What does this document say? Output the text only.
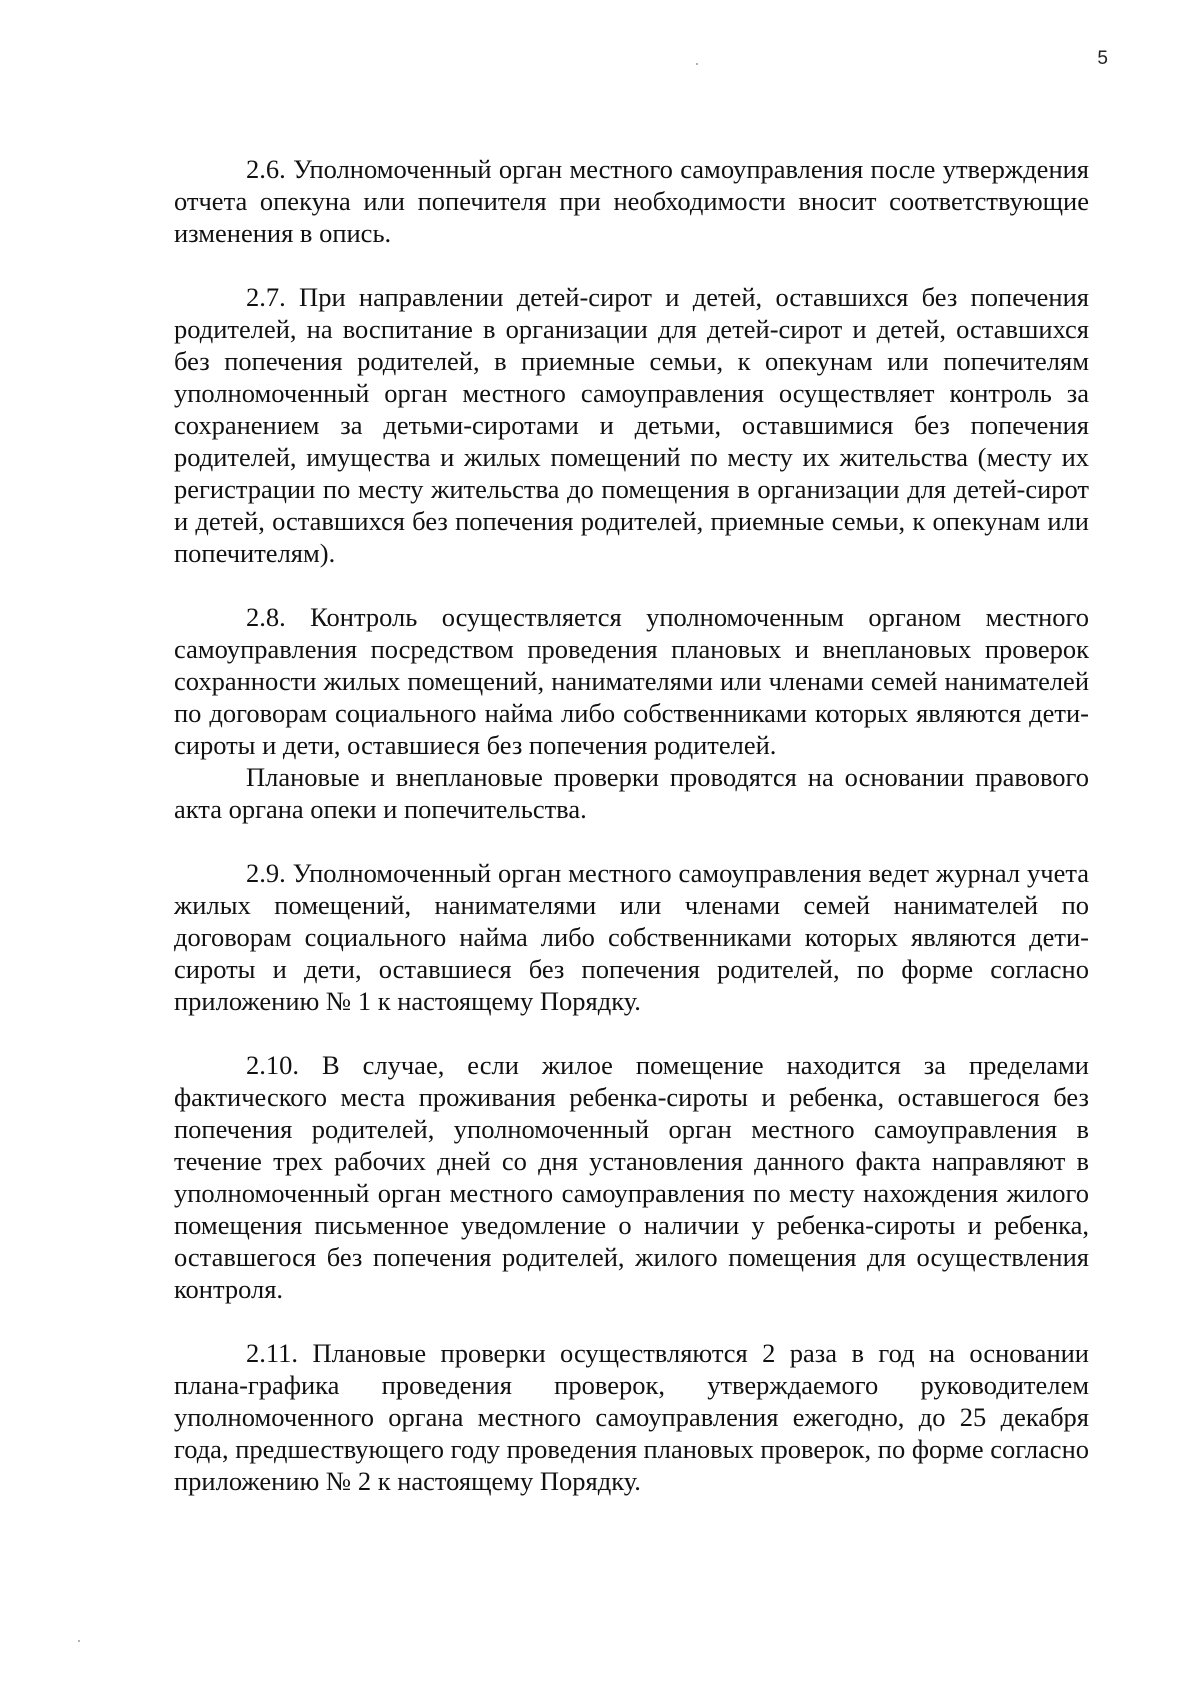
5

2.6. Уполномоченный орган местного самоуправления после утверждения отчета опекуна или попечителя при необходимости вносит соответствующие изменения в опись.

2.7. При направлении детей-сирот и детей, оставшихся без попечения родителей, на воспитание в организации для детей-сирот и детей, оставшихся без попечения родителей, в приемные семьи, к опекунам или попечителям уполномоченный орган местного самоуправления осуществляет контроль за сохранением за детьми-сиротами и детьми, оставшимися без попечения родителей, имущества и жилых помещений по месту их жительства (месту их регистрации по месту жительства до помещения в организации для детей-сирот и детей, оставшихся без попечения родителей, приемные семьи, к опекунам или попечителям).

2.8. Контроль осуществляется уполномоченным органом местного самоуправления посредством проведения плановых и внеплановых проверок сохранности жилых помещений, нанимателями или членами семей нанимателей по договорам социального найма либо собственниками которых являются дети-сироты и дети, оставшиеся без попечения родителей.

Плановые и внеплановые проверки проводятся на основании правового акта органа опеки и попечительства.

2.9. Уполномоченный орган местного самоуправления ведет журнал учета жилых помещений, нанимателями или членами семей нанимателей по договорам социального найма либо собственниками которых являются дети-сироты и дети, оставшиеся без попечения родителей, по форме согласно приложению № 1 к настоящему Порядку.

2.10. В случае, если жилое помещение находится за пределами фактического места проживания ребенка-сироты и ребенка, оставшегося без попечения родителей, уполномоченный орган местного самоуправления в течение трех рабочих дней со дня установления данного факта направляют в уполномоченный орган местного самоуправления по месту нахождения жилого помещения письменное уведомление о наличии у ребенка-сироты и ребенка, оставшегося без попечения родителей, жилого помещения для осуществления контроля.

2.11. Плановые проверки осуществляются 2 раза в год на основании плана-графика проведения проверок, утверждаемого руководителем уполномоченного органа местного самоуправления ежегодно, до 25 декабря года, предшествующего году проведения плановых проверок, по форме согласно приложению № 2 к настоящему Порядку.
